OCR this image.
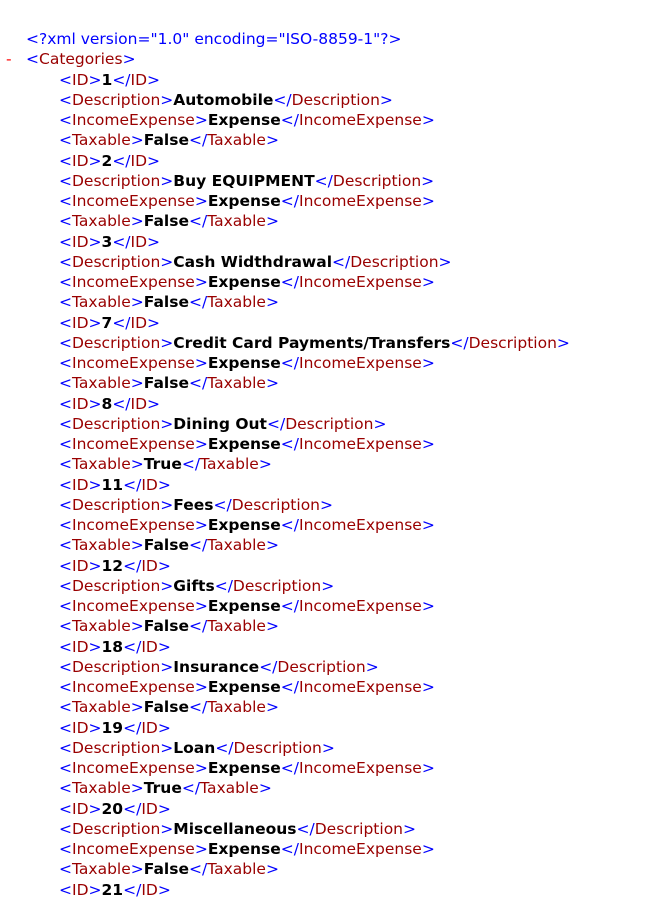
<?xml version="1.0" encoding="ISO-8859-1"?>
- <Categories>
<ID>1</ID>
<Description>Automobile</Description>
<IncomeExpense>Expense</IncomeExpense>
<Taxable>False</Taxable>
<ID>2</ID>
<Description>Buy EQUIPMENT</Description>
<IncomeExpense>Expense</IncomeExpense>
<Taxable>False</Taxable>
<ID>3</ID>
<Description>Cash Widthdrawal</Description>
<IncomeExpense>Expense</IncomeExpense>
<Taxable>False</Taxable>
<ID>7</ID>
<Description>Credit Card Payments/Transfers</Description>
<IncomeExpense>Expense</IncomeExpense>
<Taxable>False</Taxable>
<ID>8</ID>
<Description>Dining Out</Description>
<IncomeExpense>Expense</IncomeExpense>
<Taxable>True</Taxable>
<ID>11</ID>
<Description>Fees</Description>
<IncomeExpense>Expense</IncomeExpense>
<Taxable>False</Taxable>
<ID>12</ID>
<Description>Gifts</Description>
<IncomeExpense>Expense</IncomeExpense>
<Taxable>False</Taxable>
<ID>18</ID>
<Description>Insurance</Description>
<IncomeExpense>Expense</IncomeExpense>
<Taxable>False</Taxable>
<ID>19</ID>
<Description>Loan</Description>
<IncomeExpense>Expense</IncomeExpense>
<Taxable>True</Taxable>
<ID>20</ID>
<Description>Miscellaneous</Description>
<IncomeExpense>Expense</IncomeExpense>
<Taxable>False</Taxable>
<ID>21</ID>
